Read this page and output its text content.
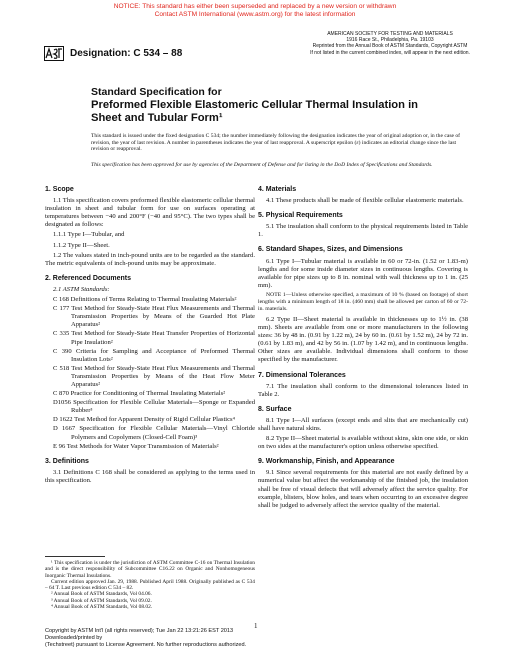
NOTICE: This standard has either been superseded and replaced by a new version or withdrawn
Contact ASTM International (www.astm.org) for the latest information
Designation: C 534 – 88
AMERICAN SOCIETY FOR TESTING AND MATERIALS
1916 Race St., Philadelphia, Pa. 19103
Reprinted from the Annual Book of ASTM Standards, Copyright ASTM
If not listed in the current combined index, will appear in the next edition.
Standard Specification for
Preformed Flexible Elastomeric Cellular Thermal Insulation in
Sheet and Tubular Form¹
This standard is issued under the fixed designation C 534; the number immediately following the designation indicates the year of original adoption or, in the case of revision, the year of last revision. A number in parentheses indicates the year of last reapproval. A superscript epsilon (ε) indicates an editorial change since the last revision or reapproval.
This specification has been approved for use by agencies of the Department of Defense and for listing in the DoD Index of Specifications and Standards.
1. Scope
1.1 This specification covers preformed flexible elastomeric cellular thermal insulation in sheet and tubular form for use on surfaces operating at temperatures between −40 and 200°F (−40 and 95°C). The two types shall be designated as follows:
1.1.1 Type I—Tubular, and
1.1.2 Type II—Sheet.
1.2 The values stated in inch-pound units are to be regarded as the standard. The metric equivalents of inch-pound units may be approximate.
2. Referenced Documents
2.1 ASTM Standards:
C 168 Definitions of Terms Relating to Thermal Insulating Materials²
C 177 Test Method for Steady-State Heat Flux Measurements and Thermal Transmission Properties by Means of the Guarded Hot Plate Apparatus²
C 335 Test Method for Steady-State Heat Transfer Properties of Horizontal Pipe Insulation²
C 390 Criteria for Sampling and Acceptance of Preformed Thermal Insulation Lots²
C 518 Test Method for Steady-State Heat Flux Measurements and Thermal Transmission Properties by Means of the Heat Flow Meter Apparatus²
C 870 Practice for Conditioning of Thermal Insulating Materials²
D1056 Specification for Flexible Cellular Materials—Sponge or Expanded Rubber³
D 1622 Test Method for Apparent Density of Rigid Cellular Plastics⁴
D 1667 Specification for Flexible Cellular Materials—Vinyl Chloride Polymers and Copolymers (Closed-Cell Foam)³
E 96 Test Methods for Water Vapor Transmission of Materials²
3. Definitions
3.1 Definitions C 168 shall be considered as applying to the terms used in this specification.
¹ This specification is under the jurisdiction of ASTM Committee C-16 on Thermal Insulation and is the direct responsibility of Subcommittee C16.22 on Organic and Nonhomogeneous Inorganic Thermal Insulations.
Current edition approved Jan. 29, 1988. Published April 1988. Originally published as C 534 – 64 T. Last previous edition C 534 – 82.
² Annual Book of ASTM Standards, Vol 04.06.
³ Annual Book of ASTM Standards, Vol 09.02.
⁴ Annual Book of ASTM Standards, Vol 08.02.
4. Materials
4.1 These products shall be made of flexible cellular elastomeric materials.
5. Physical Requirements
5.1 The insulation shall conform to the physical requirements listed in Table 1.
6. Standard Shapes, Sizes, and Dimensions
6.1 Type I—Tubular material is available in 60 or 72-in. (1.52 or 1.83-m) lengths and for some inside diameter sizes in continuous lengths. Covering is available for pipe sizes up to 8 in. nominal with wall thickness up to 1 in. (25 mm).
NOTE 1—Unless otherwise specified, a maximum of 10 % (based on footage) of short lengths with a minimum length of 18 in. (460 mm) shall be allowed per carton of 60 or 72-in. materials.
6.2 Type II—Sheet material is available in thicknesses up to 1½ in. (38 mm). Sheets are available from one or more manufacturers in the following sizes: 36 by 48 in. (0.91 by 1.22 m), 24 by 60 in. (0.61 by 1.52 m), 24 by 72 in. (0.61 by 1.83 m), and 42 by 56 in. (1.07 by 1.42 m), and in continuous lengths. Other sizes are available. Individual dimensions shall conform to those specified by the manufacturer.
7. Dimensional Tolerances
7.1 The insulation shall conform to the dimensional tolerances listed in Table 2.
8. Surface
8.1 Type I—All surfaces (except ends and slits that are mechanically cut) shall have natural skins.
8.2 Type II—Sheet material is available without skins, skin one side, or skin on two sides at the manufacturer's option unless otherwise specified.
9. Workmanship, Finish, and Appearance
9.1 Since several requirements for this material are not easily defined by a numerical value but affect the workmanship of the finished job, the insulation shall be free of visual defects that will adversely affect the service quality. For example, blisters, blow holes, and tears when occurring to an excessive degree shall be judged to adversely affect the service quality of the material.
1
Copyright by ASTM Int'l (all rights reserved); Tue Jan 22 13:21:26 EST 2013
Downloaded/printed by
(Techstreet) pursuant to License Agreement. No further reproductions authorized.
